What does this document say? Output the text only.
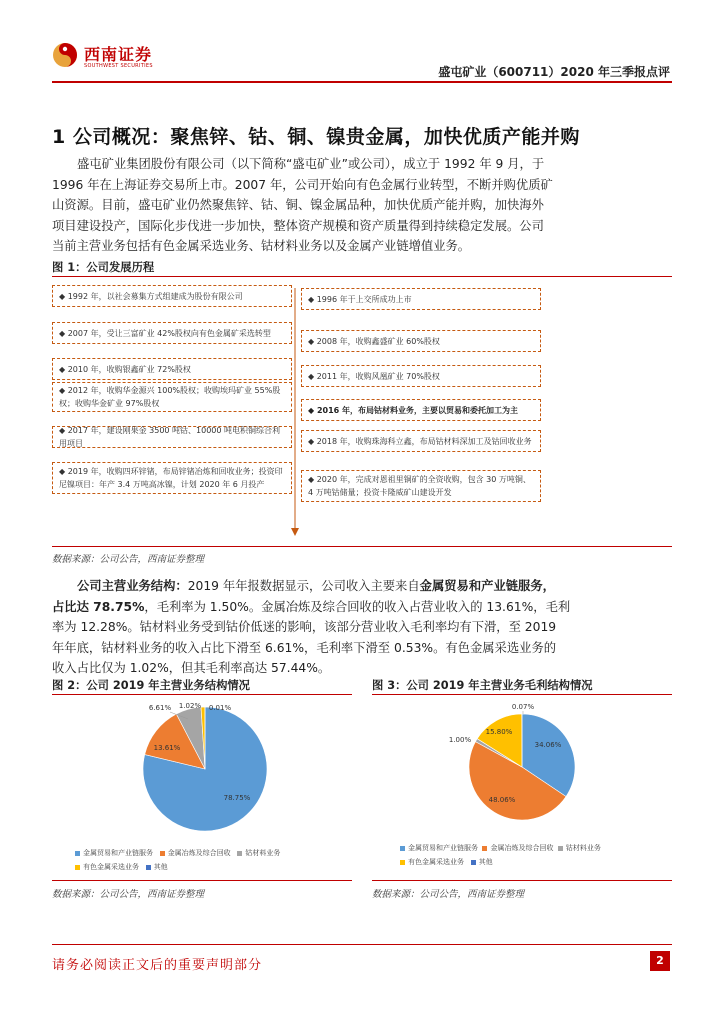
西南证券
SOUTHWEST SECURITIES	盛屯矿业（600711）2020 年三季报点评
1 公司概况：聚焦锌、钴、铜、镍贵金属，加快优质产能并购
盛屯矿业集团股份有限公司（以下简称“盛屯矿业”或公司），成立于 1992 年 9 月，于
1996 年在上海证券交易所上市。2007 年，公司开始向有色金属行业转型，不断并购优质矿
山资源。目前，盛屯矿业仍然聚焦锌、钴、铜、镍金属品种，加快优质产能并购，加快海外
项目建设投产，国际化步伐进一步加快，整体资产规模和资产质量得到持续稳定发展。公司
当前主营业务包括有色金属采选业务、钴材料业务以及金属产业链增值业务。
图 1：公司发展历程
◆ 1992 年，以社会募集方式组建成为股份有限公司
◆ 2007 年，受让三富矿业 42%股权向有色金属矿采选转型
◆ 2010 年，收购银鑫矿业 72%股权
◆ 2012 年，收购华金源兴 100%股权；收购埃玛矿业 55%股权；收购华金矿业 97%股权
◆ 2017 年，建设刚果金 3500 吨钴、10000 吨电积铜综合利用项目
◆ 2019 年，收购四环锌锗，布局锌锗冶炼和回收业务；投资印尼镍项目：年产 3.4 万吨高冰镍，计划 2020 年 6 月投产
◆ 1996 年于上交所成功上市
◆ 2008 年，收购鑫盛矿业 60%股权
◆ 2011 年，收购风凰矿业 70%股权
◆ 2016 年，布局钴材料业务，主要以贸易和委托加工为主
◆ 2018 年，收购珠海科立鑫，布局钴材料深加工及钴回收业务
◆ 2020 年，完成对恩祖里铜矿的全资收购，包含 30 万吨铜、4 万吨钴储量；投资卡隆威矿山建设开发
数据来源：公司公告，西南证券整理
公司主营业务结构：2019 年年报数据显示，公司收入主要来自金属贸易和产业链服务，
占比达 78.75%，毛利率为 1.50%。金属冶炼及综合回收的收入占营业收入的 13.61%，毛利
率为 12.28%。钴材料业务受到钴价低迷的影响，该部分营业收入毛利率均有下滑，至 2019
年年底，钴材料业务的收入占比下滑至 6.61%，毛利率下滑至 0.53%。有色金属采选业务的
收入占比仅为 1.02%，但其毛利率高达 57.44%。
图 2：公司 2019 年主营业务结构情况
78.75%
13.61%
6.61% 1.02% 0.01%
金属贸易和产业链服务 金属冶炼及综合回收 钴材料业务
有色金属采选业务 其他
数据来源：公司公告，西南证券整理
图 3：公司 2019 年主营业务毛利结构情况
34.06%
48.06%
1.00%
15.80%
0.07%
金属贸易和产业链服务 金属冶炼及综合回收 钴材料业务
有色金属采选业务 其他
数据来源：公司公告，西南证券整理
请务必阅读正文后的重要声明部分	2
